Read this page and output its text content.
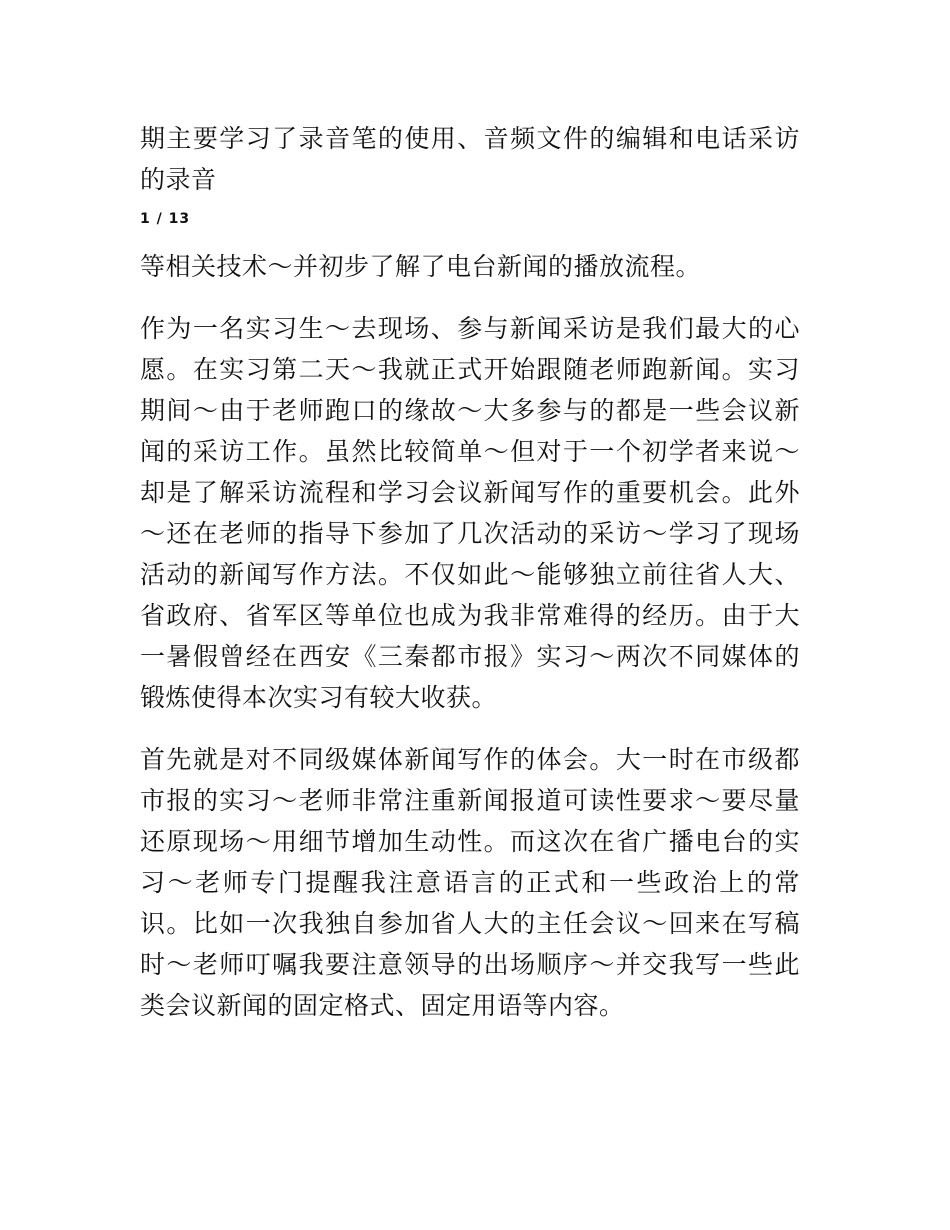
期主要学习了录音笔的使用、音频文件的编辑和电话采访的录音

1 / 13

等相关技术～并初步了解了电台新闻的播放流程。

作为一名实习生～去现场、参与新闻采访是我们最大的心愿。在实习第二天～我就正式开始跟随老师跑新闻。实习期间～由于老师跑口的缘故～大多参与的都是一些会议新闻的采访工作。虽然比较简单～但对于一个初学者来说～却是了解采访流程和学习会议新闻写作的重要机会。此外～还在老师的指导下参加了几次活动的采访～学习了现场活动的新闻写作方法。不仅如此～能够独立前往省人大、省政府、省军区等单位也成为我非常难得的经历。由于大一暑假曾经在西安《三秦都市报》实习～两次不同媒体的锻炼使得本次实习有较大收获。

首先就是对不同级媒体新闻写作的体会。大一时在市级都市报的实习～老师非常注重新闻报道可读性要求～要尽量还原现场～用细节增加生动性。而这次在省广播电台的实习～老师专门提醒我注意语言的正式和一些政治上的常识。比如一次我独自参加省人大的主任会议～回来在写稿时～老师叮嘱我要注意领导的出场顺序～并交我写一些此类会议新闻的固定格式、固定用语等内容。
